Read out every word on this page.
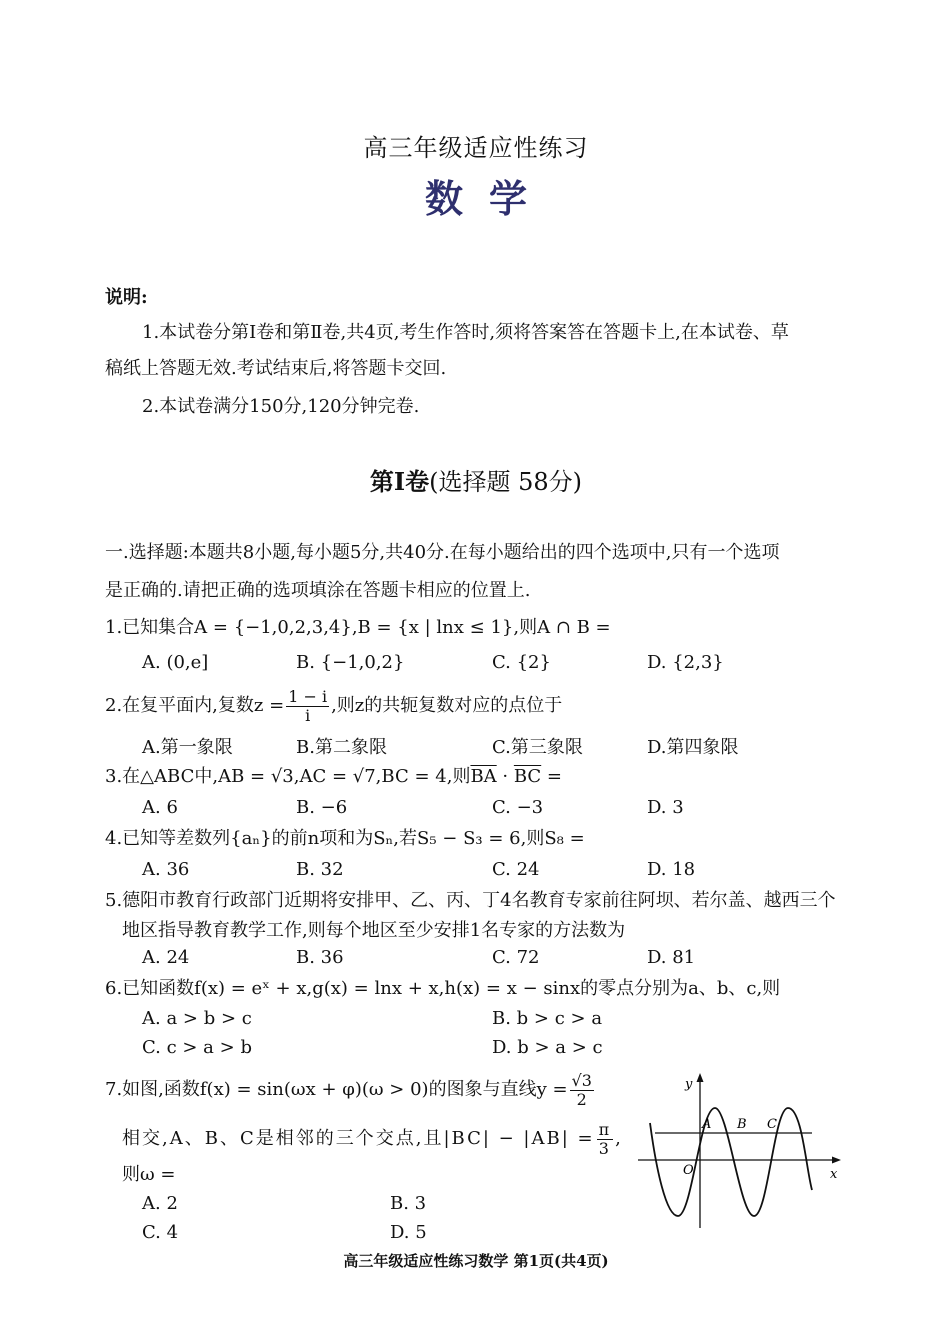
高三年级适应性练习
数学
说明:
1.本试卷分第Ⅰ卷和第Ⅱ卷,共4页,考生作答时,须将答案答在答题卡上,在本试卷、草
稿纸上答题无效.考试结束后,将答题卡交回.
2.本试卷满分150分,120分钟完卷.
第Ⅰ卷(选择题 58分)
一.选择题:本题共8小题,每小题5分,共40分.在每小题给出的四个选项中,只有一个选项
是正确的.请把正确的选项填涂在答题卡相应的位置上.
1.已知集合A = {−1,0,2,3,4},B = {x | lnx ≤ 1},则A ∩ B =
A. (0,e]	B. {−1,0,2}	C. {2}	D. {2,3}
2.在复平面内,复数$z = \frac{1 - i}{i}$ ,则z的共轭复数对应的点位于
A.第一象限	B.第二象限	C.第三象限	D.第四象限
3.在△ABC中,AB = √3,AC = √7,BC = 4,则$\overline{BA} \cdot \overline{BC}$ =
A. 6	B. −6	C. −3	D. 3
4.已知等差数列{aₙ}的前n项和为Sₙ,若S₅ − S₃ = 6,则S₈ =
A. 36	B. 32	C. 24	D. 18
5.德阳市教育行政部门近期将安排甲、乙、丙、丁4名教育专家前往阿坝、若尔盖、越西三个
地区指导教育教学工作,则每个地区至少安排1名专家的方法数为
A. 24	B. 36	C. 72	D. 81
6.已知函数f(x) = eˣ + x,g(x) = lnx + x,h(x) = x − sinx的零点分别为a、b、c,则
A. a > b > c	B. b > c > a
C. c > a > b	D. b > a > c
7.如图,函数f(x) = sin(ωx + φ)(ω > 0)的图象与直线$y = \frac{√3}{2}$
相交,A、B、C是相邻的三个交点,且$|BC| - |AB| = \frac{\pi}{3}$ ,
则ω =
A. 2	B. 3
C. 4	D. 5
y
x
O
A B C
高三年级适应性练习数学 第1页(共4页)
